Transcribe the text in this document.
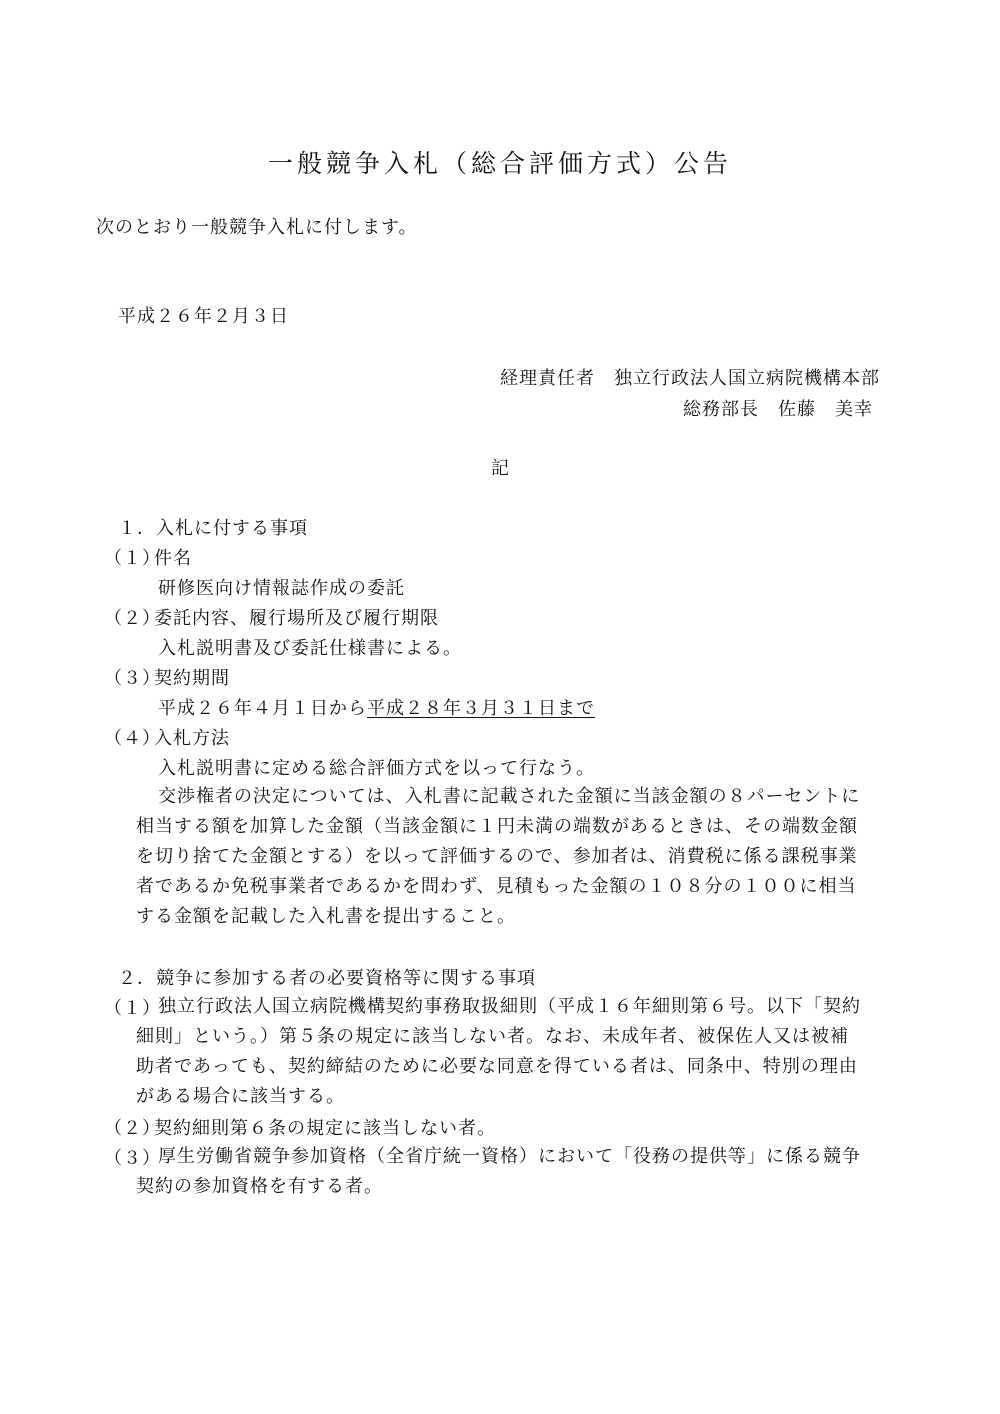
一般競争入札（総合評価方式）公告
次のとおり一般競争入札に付します。
平成２６年２月３日
経理責任者　独立行政法人国立病院機構本部
総務部長　佐藤　美幸
記
１．入札に付する事項
（１）件名
研修医向け情報誌作成の委託
（２）委託内容、履行場所及び履行期限
入札説明書及び委託仕様書による。
（３）契約期間
平成２６年４月１日から平成２８年３月３１日まで
（４）入札方法
入札説明書に定める総合評価方式を以って行なう。
交渉権者の決定については、入札書に記載された金額に当該金額の８パーセントに
相当する額を加算した金額（当該金額に１円未満の端数があるときは、その端数金額
を切り捨てた金額とする）を以って評価するので、参加者は、消費税に係る課税事業
者であるか免税事業者であるかを問わず、見積もった金額の１０８分の１００に相当
する金額を記載した入札書を提出すること。
２．競争に参加する者の必要資格等に関する事項
（１）
独立行政法人国立病院機構契約事務取扱細則（平成１６年細則第６号。以下「契約
細則」という。）第５条の規定に該当しない者。なお、未成年者、被保佐人又は被補
助者であっても、契約締結のために必要な同意を得ている者は、同条中、特別の理由
がある場合に該当する。
（２）契約細則第６条の規定に該当しない者。
（３）
厚生労働省競争参加資格（全省庁統一資格）において「役務の提供等」に係る競争
契約の参加資格を有する者。
